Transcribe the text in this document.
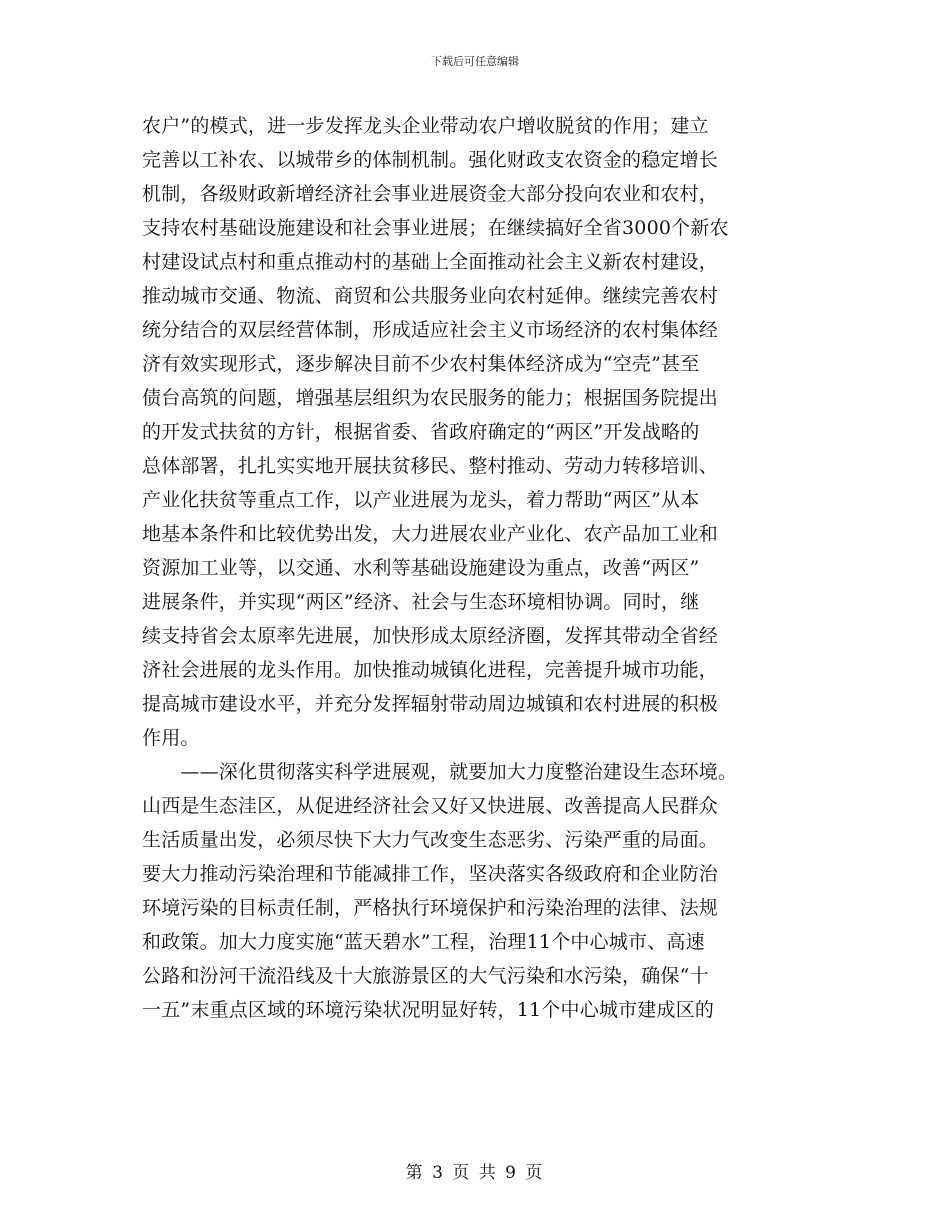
下载后可任意编辑
农户”的模式，进一步发挥龙头企业带动农户增收脱贫的作用；建立
完善以工补农、以城带乡的体制机制。强化财政支农资金的稳定增长
机制，各级财政新增经济社会事业进展资金大部分投向农业和农村，
支持农村基础设施建设和社会事业进展；在继续搞好全省3000个新农
村建设试点村和重点推动村的基础上全面推动社会主义新农村建设，
推动城市交通、物流、商贸和公共服务业向农村延伸。继续完善农村
统分结合的双层经营体制，形成适应社会主义市场经济的农村集体经
济有效实现形式，逐步解决目前不少农村集体经济成为“空壳”甚至
债台高筑的问题，增强基层组织为农民服务的能力；根据国务院提出
的开发式扶贫的方针，根据省委、省政府确定的“两区”开发战略的
总体部署，扎扎实实地开展扶贫移民、整村推动、劳动力转移培训、
产业化扶贫等重点工作，以产业进展为龙头，着力帮助“两区”从本
地基本条件和比较优势出发，大力进展农业产业化、农产品加工业和
资源加工业等，以交通、水利等基础设施建设为重点，改善“两区”
进展条件，并实现“两区”经济、社会与生态环境相协调。同时，继
续支持省会太原率先进展，加快形成太原经济圈，发挥其带动全省经
济社会进展的龙头作用。加快推动城镇化进程，完善提升城市功能，
提高城市建设水平，并充分发挥辐射带动周边城镇和农村进展的积极
作用。
　　——深化贯彻落实科学进展观，就要加大力度整治建设生态环境。
山西是生态洼区，从促进经济社会又好又快进展、改善提高人民群众
生活质量出发，必须尽快下大力气改变生态恶劣、污染严重的局面。
要大力推动污染治理和节能减排工作，坚决落实各级政府和企业防治
环境污染的目标责任制，严格执行环境保护和污染治理的法律、法规
和政策。加大力度实施“蓝天碧水”工程，治理11个中心城市、高速
公路和汾河干流沿线及十大旅游景区的大气污染和水污染，确保“十
一五”末重点区域的环境污染状况明显好转，11个中心城市建成区的
第 3 页 共 9 页
